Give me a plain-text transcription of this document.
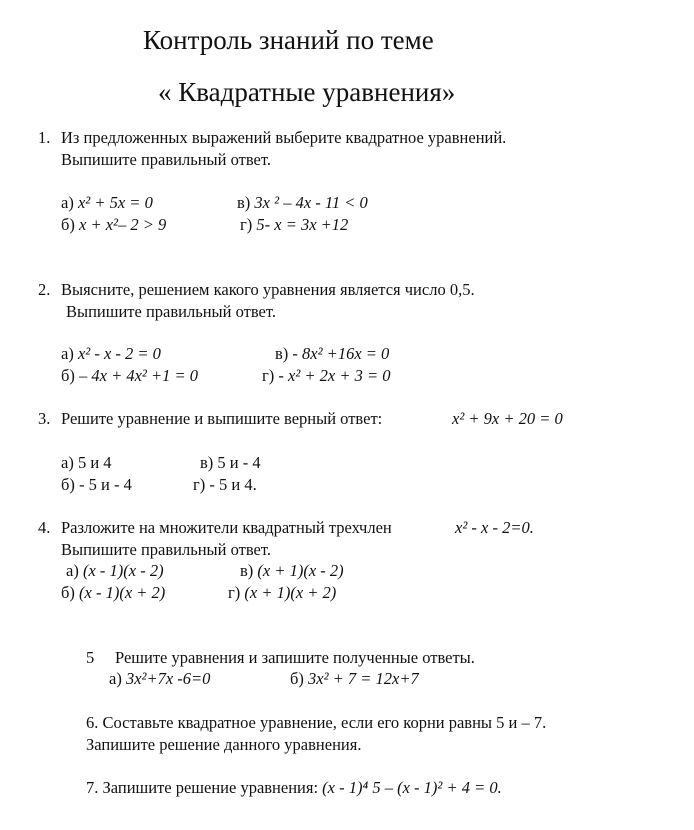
Контроль знаний по теме
« Квадратные уравнения»
1. Из предложенных выражений выберите квадратное уравнений.
Выпишите правильный ответ.
а) x² + 5x = 0	в) 3x ² – 4x - 11 < 0
б) x + x²– 2 > 9	г) 5- x = 3x +12
2. Выясните, решением какого уравнения является число 0,5.
Выпишите правильный ответ.
а) x² - x - 2 = 0	в) - 8x² +16x = 0
б) – 4x + 4x² +1 = 0	г) - x² + 2x + 3 = 0
3. Решите уравнение и выпишите верный ответ:	x² + 9x + 20 = 0
а) 5 и 4	в) 5 и - 4
б) - 5 и - 4	г) - 5 и 4.
4. Разложите на множители квадратный трехчлен	x² - x - 2=0.
Выпишите правильный ответ.
а) (x - 1)(x - 2)	в) (x + 1)(x - 2)
б) (x - 1)(x + 2)	г) (x + 1)(x + 2)
5 Решите уравнения и запишите полученные ответы.
а) 3x²+7x -6=0	б) 3x² + 7 = 12x+7
6. Составьте квадратное уравнение, если его корни равны 5 и – 7.
Запишите решение данного уравнения.
7. Запишите решение уравнения: (x - 1)⁴ 5 – (x - 1)² + 4 = 0.
